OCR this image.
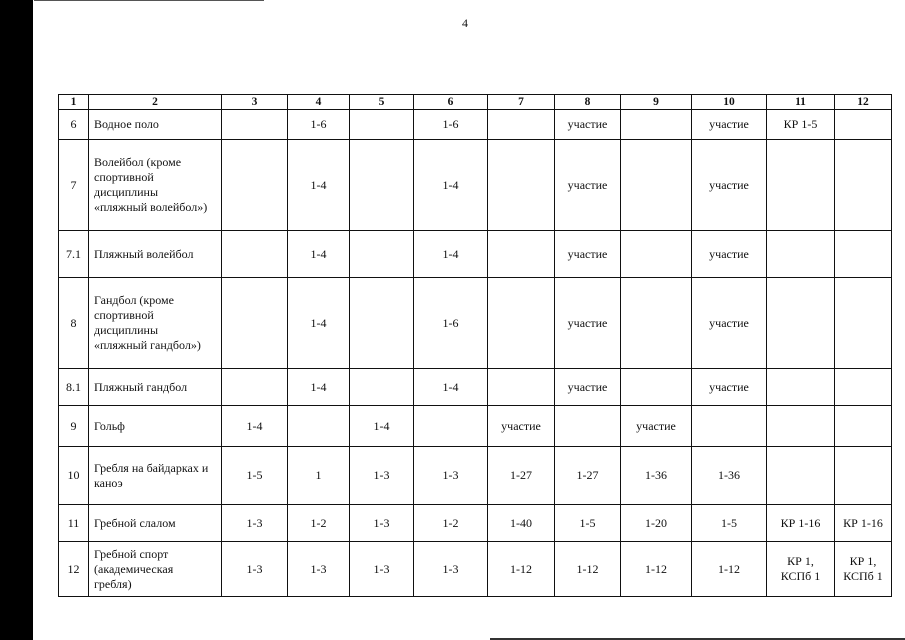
4
1	2	3	4	5	6	7	8	9	10	11	12
6	Водное поло		1-6		1-6		участие		участие	КР 1-5	
7	Волейбол (кроме
спортивной
дисциплины
«пляжный волейбол»)		1-4		1-4		участие		участие		
7.1	Пляжный волейбол		1-4		1-4		участие		участие		
8	Гандбол (кроме
спортивной
дисциплины
«пляжный гандбол»)		1-4		1-6		участие		участие		
8.1	Пляжный гандбол		1-4		1-4		участие		участие		
9	Гольф	1-4		1-4		участие		участие			
10	Гребля на байдарках и
каноэ	1-5	1	1-3	1-3	1-27	1-27	1-36	1-36		
11	Гребной слалом	1-3	1-2	1-3	1-2	1-40	1-5	1-20	1-5	КР 1-16	КР 1-16
12	Гребной спорт
(академическая
гребля)	1-3	1-3	1-3	1-3	1-12	1-12	1-12	1-12	КР 1,
КСПб 1	КР 1,
КСПб 1
